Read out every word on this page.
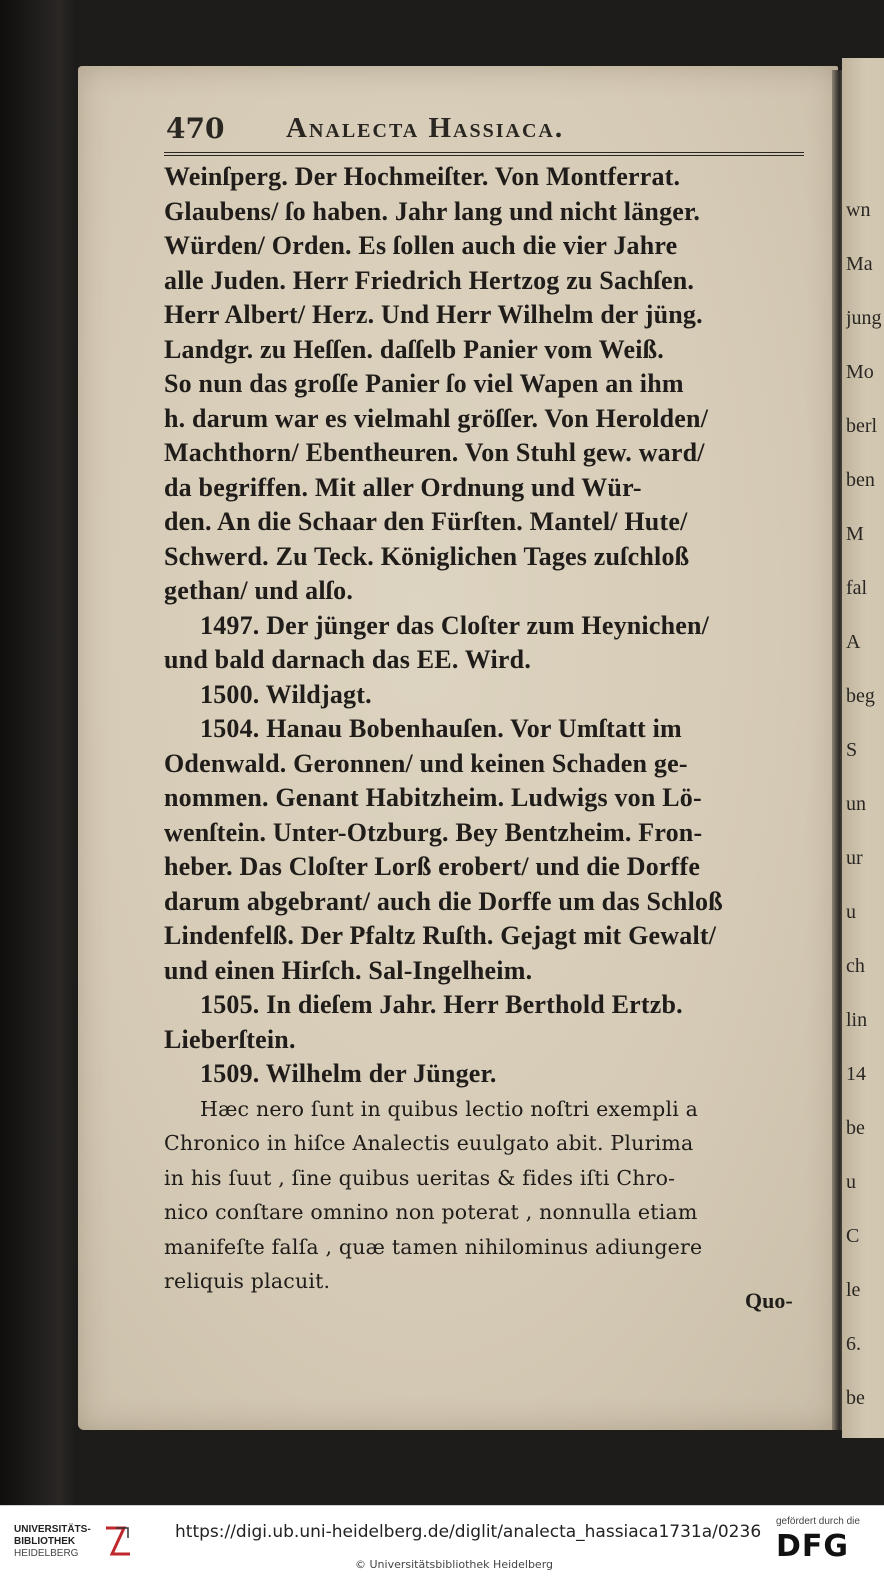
wn
Ma
jung
Mo
berl
ben
M
fal
A
beg
S
un
ur
u
ch
lin
14
be
u
C
le
6.
be
470 Analecta Hassiaca.
Weinſperg. Der Hochmeiſter. Von Montferrat.
Glaubens/ ſo haben. Jahr lang und nicht länger.
Würden/ Orden. Es ſollen auch die vier Jahre
alle Juden. Herr Friedrich Hertzog zu Sachſen.
Herr Albert/ Herz. Und Herr Wilhelm der jüng.
Landgr. zu Heſſen. daſſelb Panier vom Weiß.
So nun das groſſe Panier ſo viel Wapen an ihm
h. darum war es vielmahl gröſſer. Von Herolden/
Machthorn/ Ebentheuren. Von Stuhl gew. ward/
da begriffen. Mit aller Ordnung und Wür-
den. An die Schaar den Fürſten. Mantel/ Hute/
Schwerd. Zu Teck. Königlichen Tages zuſchloß
gethan/ und alſo.
1497. Der jünger das Cloſter zum Heynichen/
und bald darnach das EE. Wird.
1500. Wildjagt.
1504. Hanau Bobenhauſen. Vor Umſtatt im
Odenwald. Geronnen/ und keinen Schaden ge-
nommen. Genant Habitzheim. Ludwigs von Lö-
wenſtein. Unter-Otzburg. Bey Bentzheim. Fron-
heber. Das Cloſter Lorß erobert/ und die Dorffe
darum abgebrant/ auch die Dorffe um das Schloß
Lindenfelß. Der Pfaltz Ruſth. Gejagt mit Gewalt/
und einen Hirſch. Sal-Ingelheim.
1505. In dieſem Jahr. Herr Berthold Ertzb.
Lieberſtein.
1509. Wilhelm der Jünger.
Hæc nero ſunt in quibus lectio noſtri exempli a
Chronico in hiſce Analectis euulgato abit. Plurima
in his ſuut , ſine quibus ueritas & fides iſti Chro-
nico conſtare omnino non poterat , nonnulla etiam
manifeſte falſa , quæ tamen nihilominus adiungere
reliquis placuit.
Quo-
UNIVERSITÄTS-
BIBLIOTHEK
HEIDELBERG
https://digi.ub.uni-heidelberg.de/diglit/analecta_hassiaca1731a/0236
© Universitätsbibliothek Heidelberg
gefördert durch die
DFG
